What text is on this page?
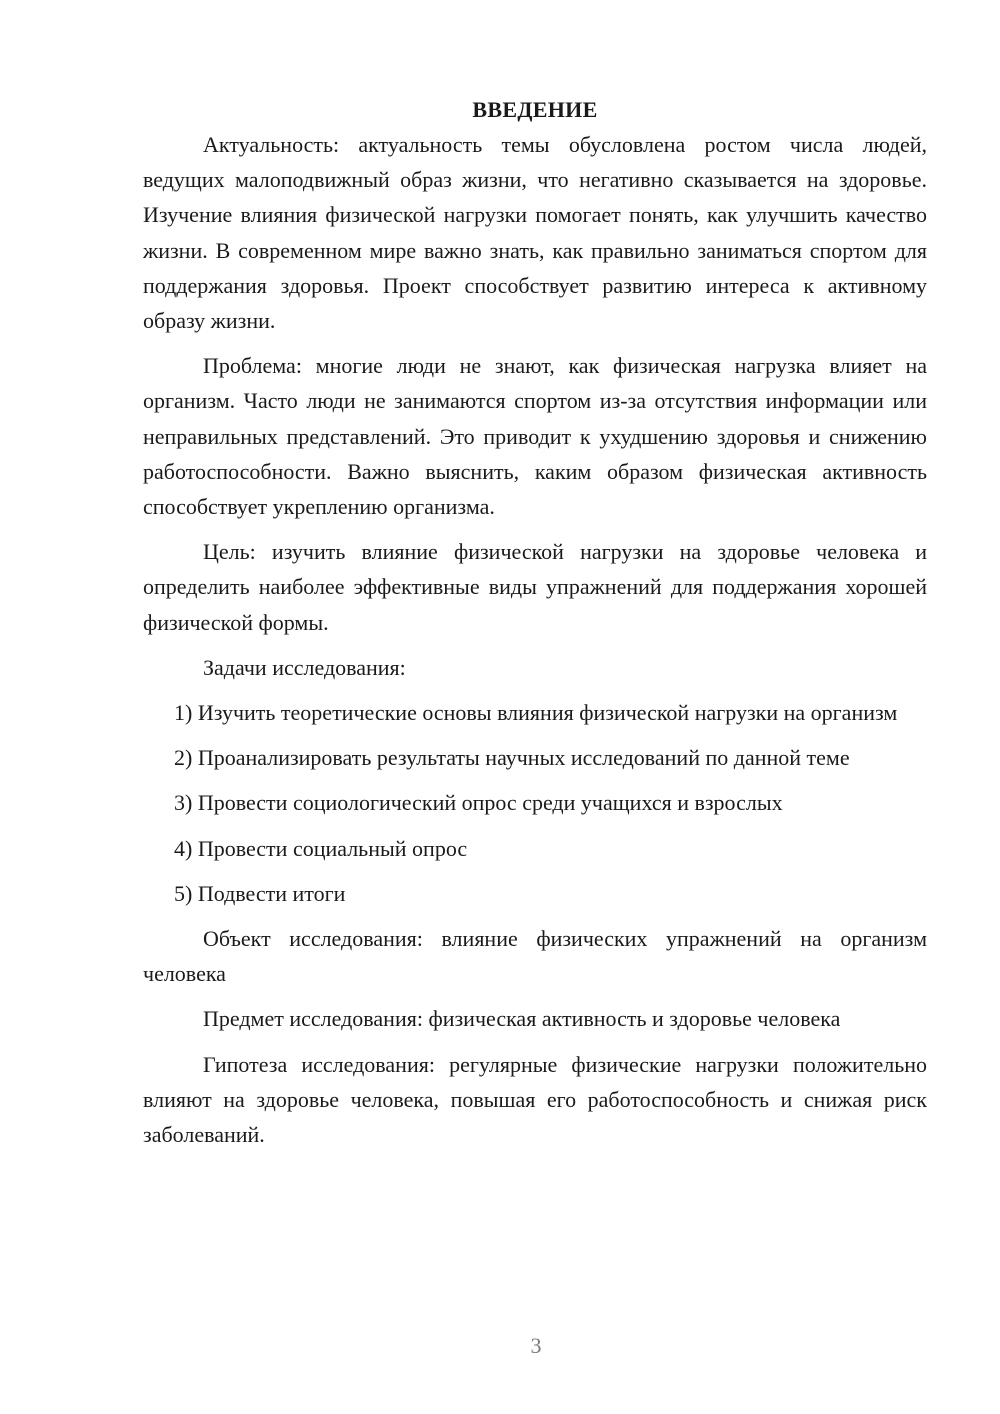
ВВЕДЕНИЕ

Актуальность: актуальность темы обусловлена ростом числа людей, ведущих малоподвижный образ жизни, что негативно сказывается на здоровье. Изучение влияния физической нагрузки помогает понять, как улучшить качество жизни. В современном мире важно знать, как правильно заниматься спортом для поддержания здоровья. Проект способствует развитию интереса к активному образу жизни.

Проблема: многие люди не знают, как физическая нагрузка влияет на организм. Часто люди не занимаются спортом из-за отсутствия информации или неправильных представлений. Это приводит к ухудшению здоровья и снижению работоспособности. Важно выяснить, каким образом физическая активность способствует укреплению организма.

Цель: изучить влияние физической нагрузки на здоровье человека и определить наиболее эффективные виды упражнений для поддержания хорошей физической формы.

Задачи исследования:

1) Изучить теоретические основы влияния физической нагрузки на организм

2) Проанализировать результаты научных исследований по данной теме

3) Провести социологический опрос среди учащихся и взрослых

4) Провести социальный опрос

5) Подвести итоги

Объект исследования: влияние физических упражнений на организм человека

Предмет исследования: физическая активность и здоровье человека

Гипотеза исследования: регулярные физические нагрузки положительно влияют на здоровье человека, повышая его работоспособность и снижая риск заболеваний.

3
